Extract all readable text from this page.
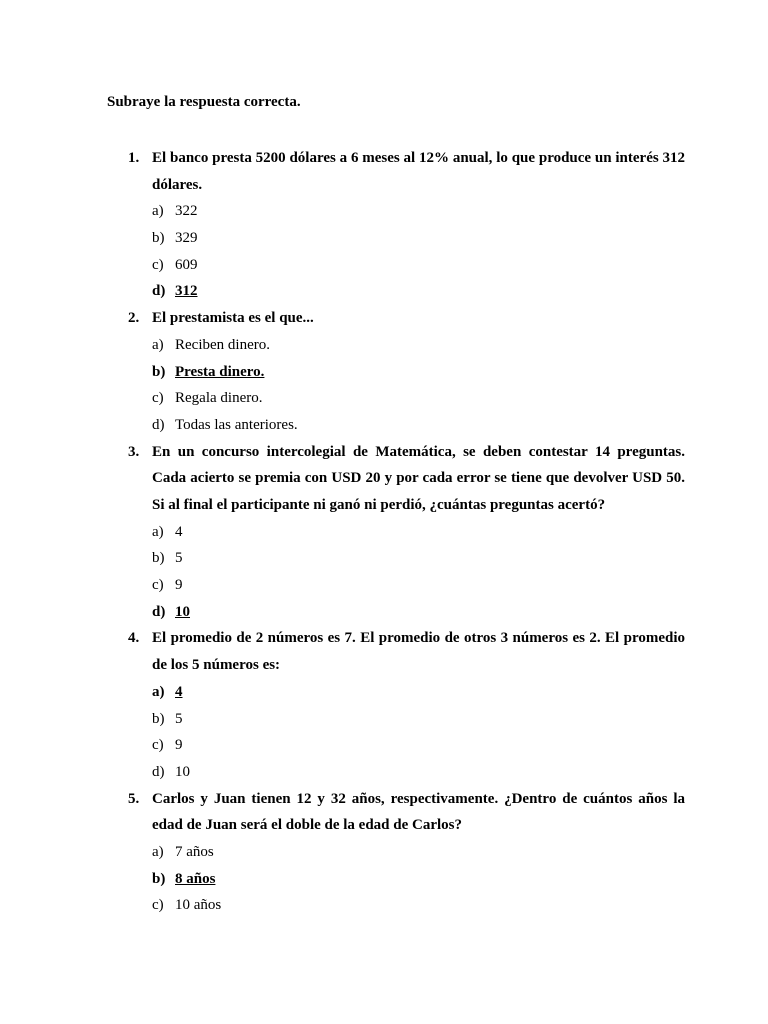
Subraye la respuesta correcta.
1. El banco presta 5200 dólares a 6 meses al 12% anual, lo que produce un interés 312 dólares.
a) 322
b) 329
c) 609
d) 312
2. El prestamista es el que...
a) Reciben dinero.
b) Presta dinero.
c) Regala dinero.
d) Todas las anteriores.
3. En un concurso intercolegial de Matemática, se deben contestar 14 preguntas. Cada acierto se premia con USD 20 y por cada error se tiene que devolver USD 50. Si al final el participante ni ganó ni perdió, ¿cuántas preguntas acertó?
a) 4
b) 5
c) 9
d) 10
4. El promedio de 2 números es 7. El promedio de otros 3 números es 2. El promedio de los 5 números es:
a) 4
b) 5
c) 9
d) 10
5. Carlos y Juan tienen 12 y 32 años, respectivamente. ¿Dentro de cuántos años la edad de Juan será el doble de la edad de Carlos?
a) 7 años
b) 8 años
c) 10 años
